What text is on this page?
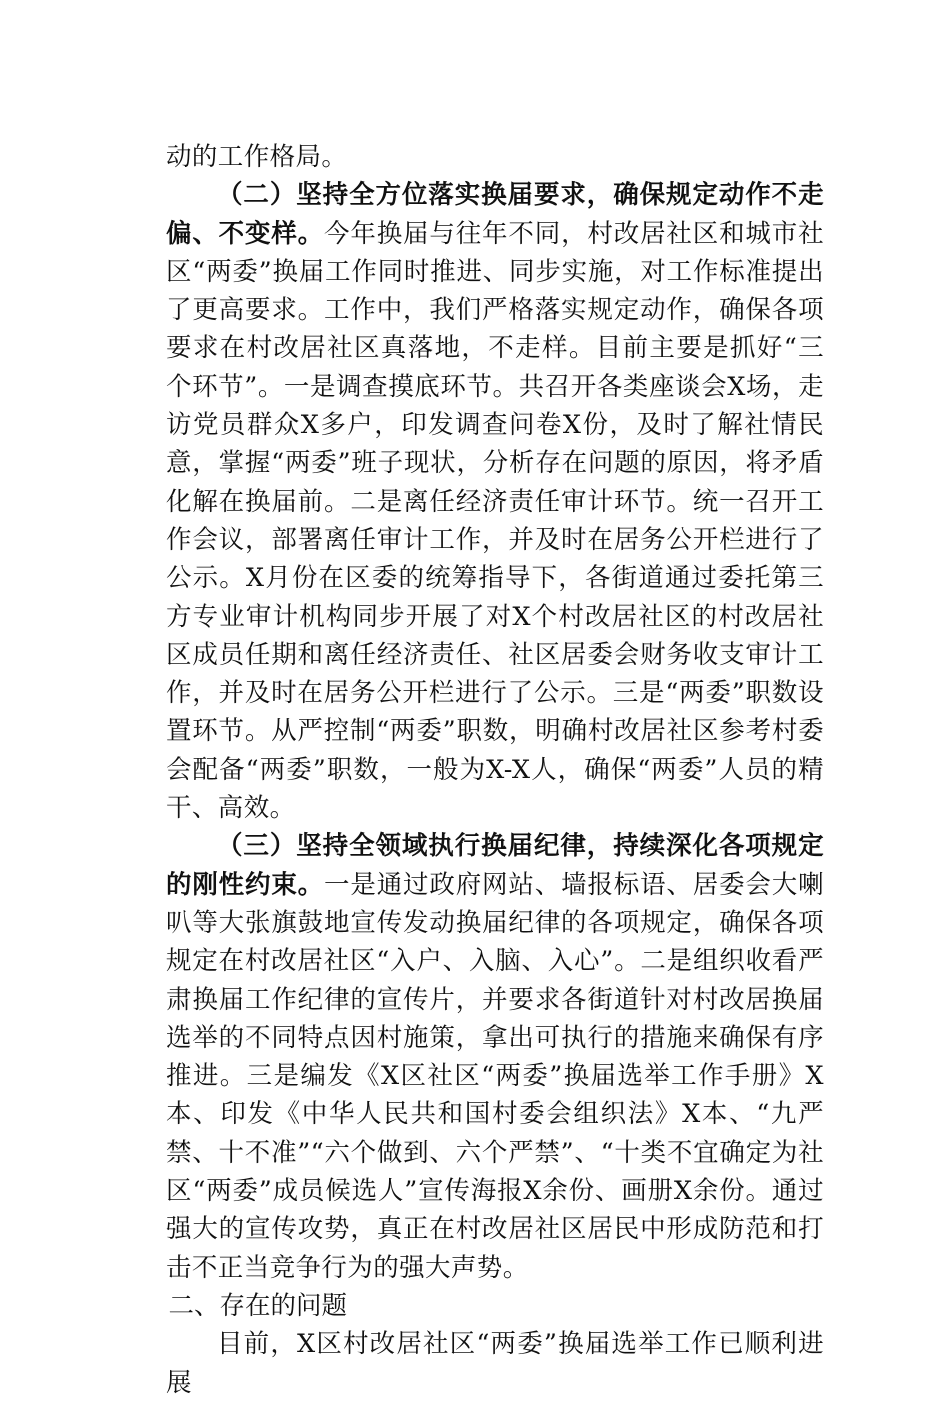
动的工作格局。

（二）坚持全方位落实换届要求，确保规定动作不走偏、不变样。今年换届与往年不同，村改居社区和城市社区“两委”换届工作同时推进、同步实施，对工作标准提出了更高要求。工作中，我们严格落实规定动作，确保各项要求在村改居社区真落地，不走样。目前主要是抓好“三个环节”。一是调查摸底环节。共召开各类座谈会X场，走访党员群众X多户，印发调查问卷X份，及时了解社情民意，掌握“两委”班子现状，分析存在问题的原因，将矛盾化解在换届前。二是离任经济责任审计环节。统一召开工作会议，部署离任审计工作，并及时在居务公开栏进行了公示。X月份在区委的统筹指导下，各街道通过委托第三方专业审计机构同步开展了对X个村改居社区的村改居社区成员任期和离任经济责任、社区居委会财务收支审计工作，并及时在居务公开栏进行了公示。三是“两委”职数设置环节。从严控制“两委”职数，明确村改居社区参考村委会配备“两委”职数，一般为X-X人，确保“两委”人员的精干、高效。

（三）坚持全领域执行换届纪律，持续深化各项规定的刚性约束。一是通过政府网站、墙报标语、居委会大喇叭等大张旗鼓地宣传发动换届纪律的各项规定，确保各项规定在村改居社区“入户、入脑、入心”。二是组织收看严肃换届工作纪律的宣传片，并要求各街道针对村改居换届选举的不同特点因村施策，拿出可执行的措施来确保有序推进。三是编发《X区社区“两委”换届选举工作手册》X本、印发《中华人民共和国村委会组织法》X本、“九严禁、十不准”“六个做到、六个严禁”、“十类不宜确定为社区“两委”成员候选人”宣传海报X余份、画册X余份。通过强大的宣传攻势，真正在村改居社区居民中形成防范和打击不正当竞争行为的强大声势。

二、存在的问题

目前，X区村改居社区“两委”换届选举工作已顺利进展
